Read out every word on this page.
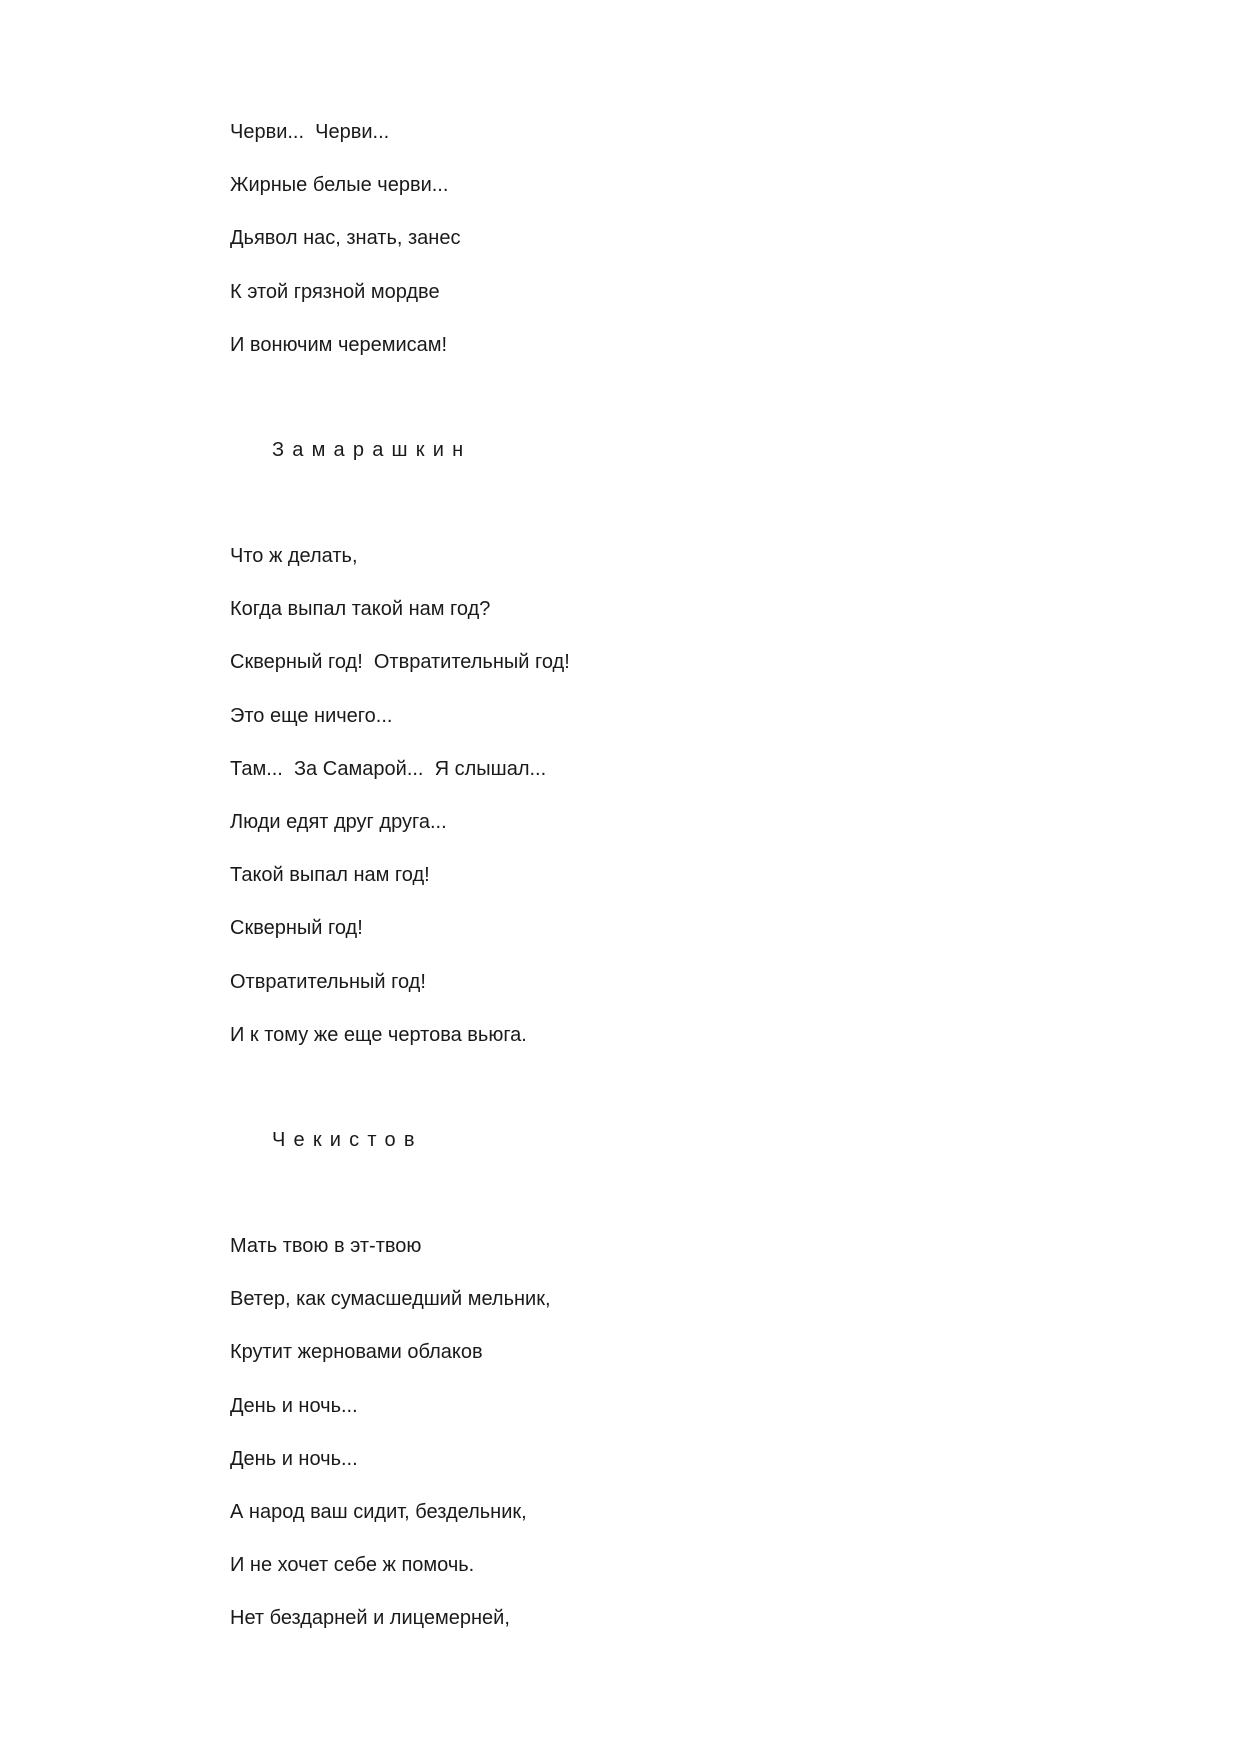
Черви...  Черви...

Жирные белые черви...

Дьявол нас, знать, занес

К этой грязной мордве

И вонючим черемисам!

Замарашкин

Что ж делать,

Когда выпал такой нам год?

Скверный год!  Отвратительный год!

Это еще ничего...

Там...  За Самарой...  Я слышал...

Люди едят друг друга...

Такой выпал нам год!

Скверный год!

Отвратительный год!

И к тому же еще чертова вьюга.

Чекистов

Мать твою в эт-твою

Ветер, как сумасшедший мельник,

Крутит жерновами облаков

День и ночь...

День и ночь...

А народ ваш сидит, бездельник,

И не хочет себе ж помочь.

Нет бездарней и лицемерней,
